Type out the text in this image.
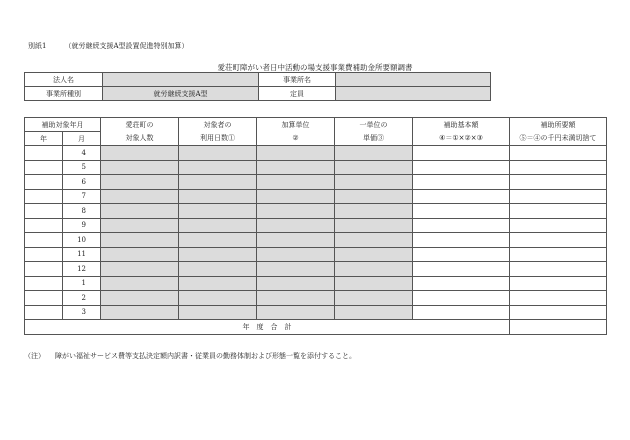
別紙1	（就労継続支援A型設置促進特別加算）
愛荘町障がい者日中活動の場支援事業費補助金所要額調書
法人名		事業所名	
事業所種別	就労継続支援A型	定員	
補助対象年月		愛荘町の	対象者の	加算単位	一単位の	補助基本額	補助所要額
年	月	対象人数	利用日数①	②	単価③	④＝①×②×③	⑤＝④の千円未満切捨て
	4						
	5						
	6						
	7						
	8						
	9						
	10						
	11						
	12						
	1						
	2						
	3						
年　度　合　計							
（注） 障がい福祉サービス費等支払決定額内訳書・従業員の勤務体制および形態一覧を添付すること。
